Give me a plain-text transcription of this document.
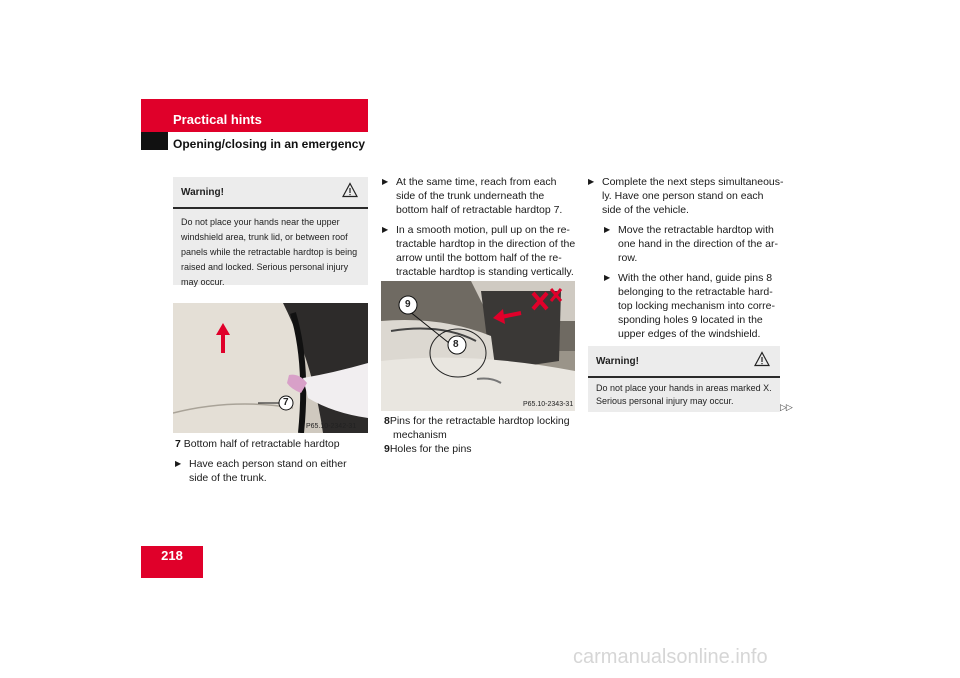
Practical hints
Opening/closing in an emergency
Warning!
Do not place your hands near the upper windshield area, trunk lid, or between roof panels while the retractable hardtop is being raised and locked. Serious personal injury may occur.
7
P65.10-2342-31

7 Bottom half of retractable hardtop

▶ Have each person stand on either side of the trunk.
▶ At the same time, reach from each side of the trunk underneath the bottom half of retractable hardtop 7.
▶ In a smooth motion, pull up on the re-tractable hardtop in the direction of the arrow until the bottom half of the re-tractable hardtop is standing vertically.
9
8
P65.10-2343-31

8Pins for the retractable hardtop locking mechanism

9Holes for the pins

▶ Complete the next steps simultaneous-ly. Have one person stand on each side of the vehicle.
▶ Move the retractable hardtop with one hand in the direction of the ar-row.
▶ With the other hand, guide pins 8 belonging to the retractable hard-top locking mechanism into corre-sponding holes 9 located in the upper edges of the windshield.
Warning!
Do not place your hands in areas marked X. Serious personal injury may occur.
▷▷
218
carmanualsonline.info
